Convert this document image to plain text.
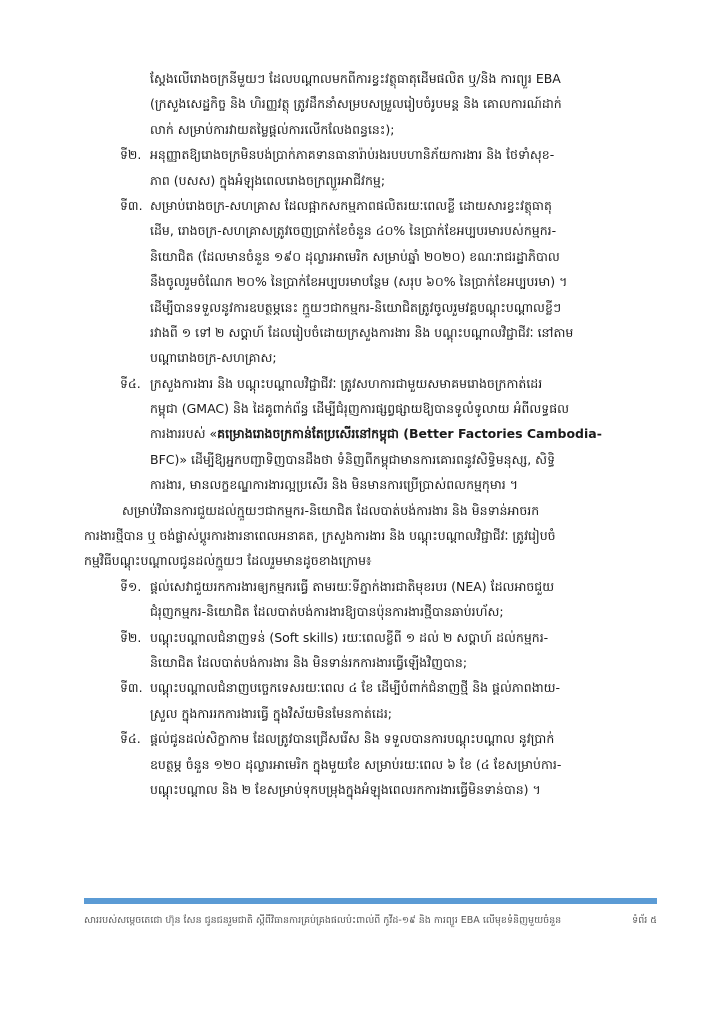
ស្តែងលើរោងចក្រនីមួយៗ ដែលបណ្តាលមកពីការខ្វះវត្ថុធាតុដើមផលិត ឬ/និង ការព្យួរ EBA
(ក្រសួងសេដ្ឋកិច្ច និង ហិរញ្ញវត្ថុ ត្រូវដឹកនាំសម្របសម្រួលរៀបចំរូបមន្ត និង គោលការណ៍ដាក់
លាក់ សម្រាប់ការវាយតម្លៃផ្តល់ការលើកលែងពន្ធនេះ);
ទី២. អនុញ្ញាតឱ្យរោងចក្រមិនបង់ប្រាក់ភាគទានធានារ៉ាប់រងរបបហានិភ័យការងារ និង ថែទាំសុខ-
ភាព (បសស) ក្នុងអំឡុងពេលរោងចក្រព្យួរអាជីវកម្ម;
ទី៣. សម្រាប់រោងចក្រ-សហគ្រាស ដែលផ្អាកសកម្មភាពផលិតរយៈពេលខ្លី ដោយសារខ្វះវត្ថុធាតុ
ដើម, រោងចក្រ-សហគ្រាសត្រូវចេញប្រាក់ខែចំនួន ៤០% នៃប្រាក់ខែអប្បបរមារបស់កម្មករ-
និយោជិត (ដែលមានចំនួន ១៩០ ដុល្លារអាមេរិក សម្រាប់ឆ្នាំ ២០២០) ខណៈរាជរដ្ឋាភិបាល
នឹងចូលរួមចំណែក ២០% នៃប្រាក់ខែអប្បបរមាបន្ថែម (សរុប ៦០% នៃប្រាក់ខែអប្បបរមា) ។
ដើម្បីបានទទួលនូវការឧបត្ថម្ភនេះ ក្មួយៗជាកម្មករ-និយោជិតត្រូវចូលរួមវគ្គបណ្ដុះបណ្ដាលខ្លីៗ
រវាងពី ១ ទៅ ២ សប្ដាហ៍ ដែលរៀបចំដោយក្រសួងការងារ និង បណ្តុះបណ្តាលវិជ្ជាជីវៈ នៅតាម
បណ្តារោងចក្រ-សហគ្រាស;
ទី៤. ក្រសួងការងារ និង បណ្តុះបណ្តាលវិជ្ជាជីវៈ ត្រូវសហការជាមួយសមាគមរោងចក្រកាត់ដេរ
កម្ពុជា (GMAC) និង ដៃគូពាក់ព័ន្ធ ដើម្បីជំរុញការផ្សព្វផ្សាយឱ្យបានទូលំទូលាយ អំពីលទ្ធផល
ការងាររបស់ «គម្រោងរោងចក្រកាន់តែប្រសើរនៅកម្ពុជា (Better Factories Cambodia-
BFC)» ដើម្បីឱ្យអ្នកបញ្ជាទិញបានដឹងថា ទំនិញពីកម្ពុជាមានការគោរពនូវសិទ្ធិមនុស្ស, សិទ្ធិ
ការងារ, មានលក្ខខណ្ឌការងារល្អប្រសើរ និង មិនមានការប្រើប្រាស់ពលកម្មកុមារ ។
សម្រាប់វិធានការជួយដល់ក្មួយៗជាកម្មករ-និយោជិត ដែលបាត់បង់ការងារ និង មិនទាន់អាចរក
ការងារថ្មីបាន ឬ ចង់ផ្លាស់ប្តូរការងារនាពេលអនាគត, ក្រសួងការងារ និង បណ្តុះបណ្តាលវិជ្ជាជីវៈ ត្រូវរៀបចំ
កម្មវិធីបណ្តុះបណ្តាលជូនដល់ក្មួយៗ ដែលរួមមានដូចខាងក្រោម៖
ទី១. ផ្តល់សេវាជួយរកការងារឲ្យកម្មករធ្វើ តាមរយៈទីភ្នាក់ងារជាតិមុខរបរ (NEA) ដែលអាចជួយ
ជំរុញកម្មករ-និយោជិត ដែលបាត់បង់ការងារឱ្យបានប៉ុនការងារថ្មីបានឆាប់រហ័ស;
ទី២. បណ្តុះបណ្តាលជំនាញទន់ (Soft skills) រយៈពេលខ្លីពី ១ ដល់ ២ សប្តាហ៍ ដល់កម្មករ-
និយោជិត ដែលបាត់បង់ការងារ និង មិនទាន់រកការងារធ្វើឡើងវិញបាន;
ទី៣. បណ្តុះបណ្តាលជំនាញបច្ចេកទេសរយៈពេល ៤ ខែ ដើម្បីបំពាក់ជំនាញថ្មី និង ផ្តល់ភាពងាយ-
ស្រួល ក្នុងការរកការងារធ្វើ ក្នុងវិស័យមិនមែនកាត់ដេរ;
ទី៤. ផ្តល់ជូនដល់សិក្ខាកាម ដែលត្រូវបានជ្រើសរើស និង ទទួលបានការបណ្តុះបណ្តាល នូវប្រាក់
ឧបត្ថម្ភ ចំនួន ១២០ ដុល្លារអាមេរិក ក្នុងមួយខែ សម្រាប់រយៈពេល ៦ ខែ (៤ ខែសម្រាប់ការ-
បណ្តុះបណ្តាល និង ២ ខែសម្រាប់ទុកបម្រុងក្នុងអំឡុងពេលរកការងារធ្វើមិនទាន់បាន) ។
សាររបស់សម្តេចតេជោ ហ៊ុន សែន ជូនជនរួមជាតិ ស្តីពីវិធានការគ្រប់គ្រងផលប៉ះពាល់ពី កូវីដ-១៩ និង ការព្យួរ EBA លើមុខទំនិញមួយចំនួន	ទំព័រ ៥
